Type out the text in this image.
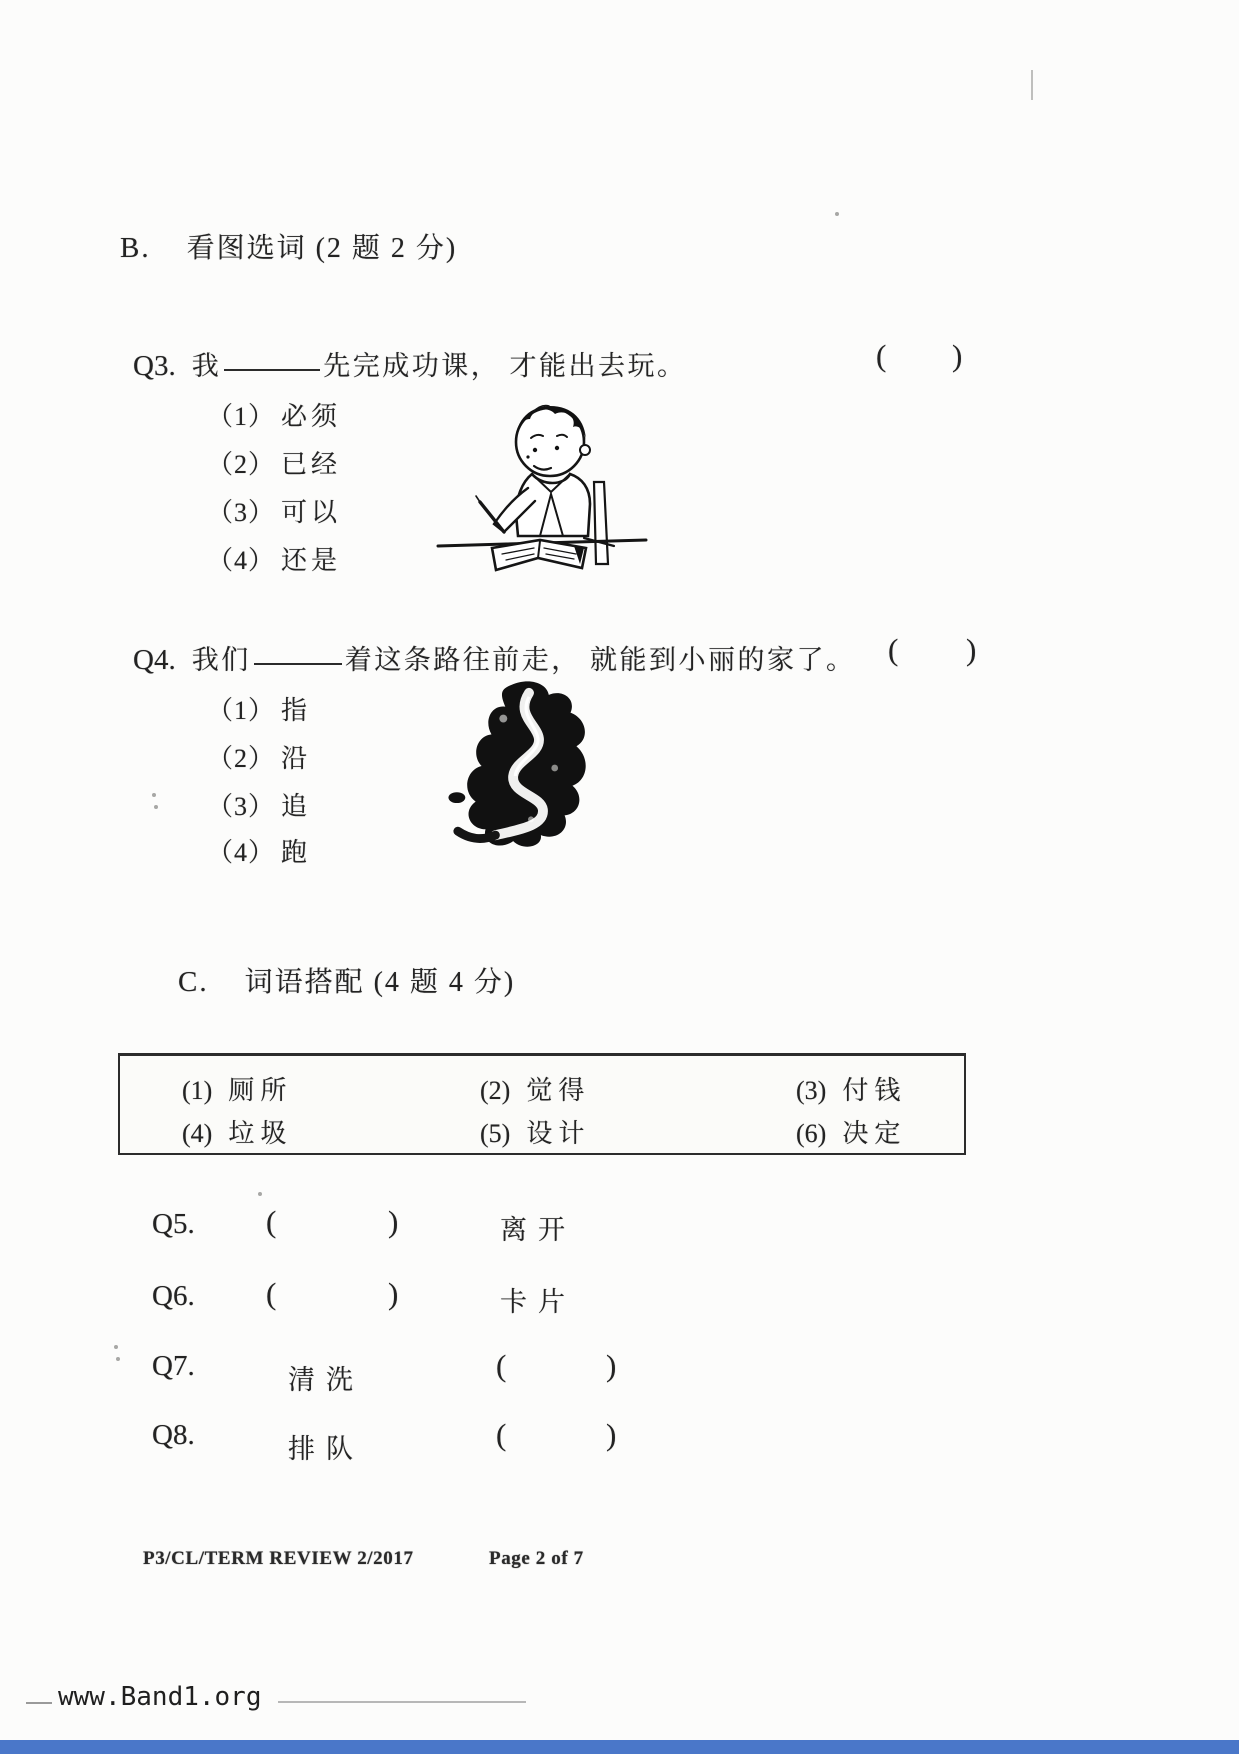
B. 看图选词 (2 题 2 分)
Q3. 我	先完成功课， 才能出去玩。	( )
（1） 必须
（2） 已经
（3） 可以
（4） 还是
Q4. 我们	着这条路往前走， 就能到小丽的家了。 ( )
（1） 指
（2） 沿
（3） 追
（4） 跑
C. 词语搭配 (4 题 4 分)
(1) 厕所	(2) 觉得	(3) 付钱
(4) 垃圾	(5) 设计	(6) 决定
Q5. (	)	离开
Q6. (	)	卡片
Q7.	清洗	(	)
Q8.	排队	(	)
P3/CL/TERM REVIEW 2/2017	Page 2 of 7
www.Band1.org
